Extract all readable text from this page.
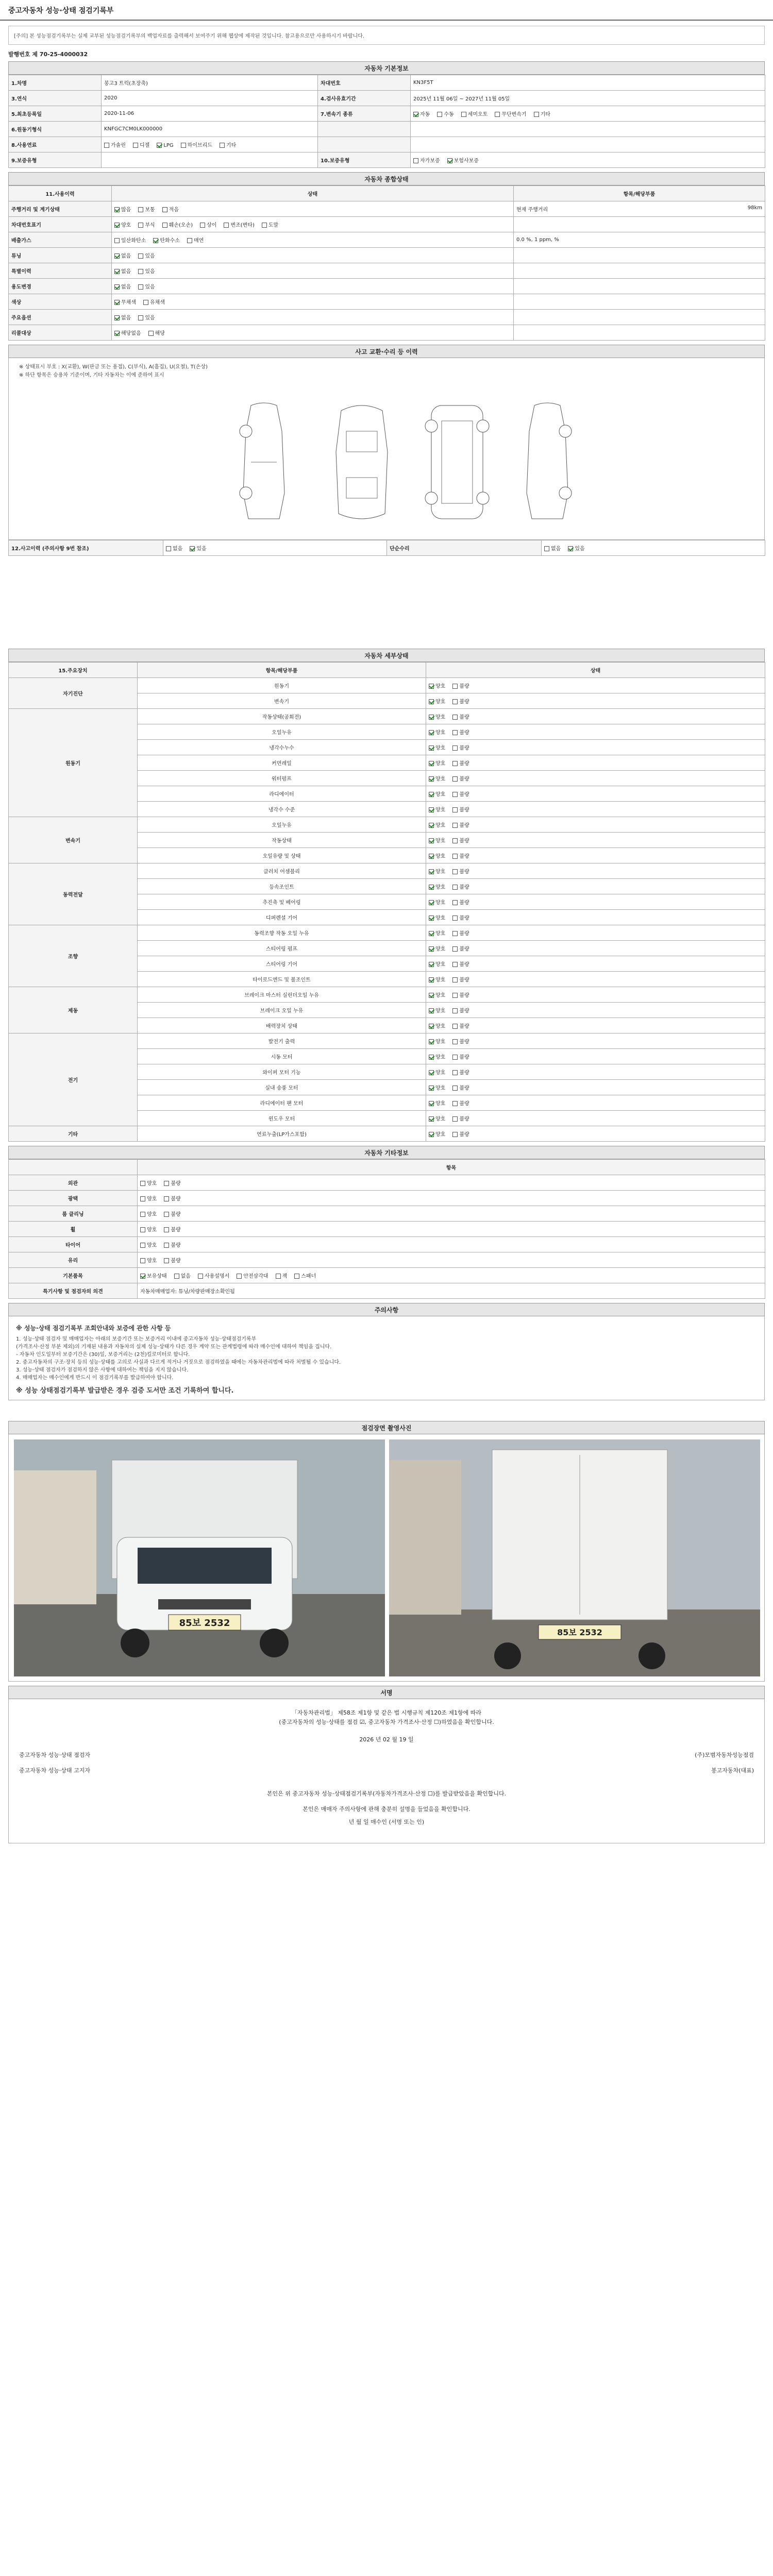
중고자동차 성능·상태 점검기록부
[주의] 본 성능점검기록부는 실제 교부된 성능점검기록부의 백업자료를 출력해서 보여주기 위해 웹상에 제작된 것입니다. 참고용으로만 사용하시기 바랍니다.
발행번호 제 70-25-4000032
자동차 기본정보
1.차명	봉고3 트럭(초장축)	차대번호	KN3F5T
3.연식	2020	4.검사유효기간	2025년 11월 06일 ~ 2027년 11월 05일
5.최초등록일	2020-11-06	7.변속기 종류	자동 수동 세미오토 무단변속기 기타
6.원동기형식	KNFGC7CM0LK000000		
8.사용연료	가솔린 디젤 LPG 하이브리드 기타		
9.보증유형		10.보증유형	자가보증 보험사보증
자동차 종합상태
11.사용이력	상태	항목/해당부품
주행거리 및 계기상태	많음 보통 적음	현재 주행거리 98km

차대번호표기	양호 부식 훼손(오손) 상이 변조(변타) 도말	

배출가스	일산화탄소 탄화수소 매연	0.0 %, 1 ppm, %

튜닝	없음 있음	

특별이력	없음 있음	

용도변경	없음 있음	

색상	무채색 유채색	

주요옵션	없음 있음	

리콜대상	해당없음 해당	
사고 교환·수리 등 이력
※ 상태표시 부호 : X(교환), W(판금 또는 용접), C(부식), A(흠집), U(요철), T(손상)
※ 하단 항목은 승용차 기준이며, 기타 자동차는 이에 준하여 표시
12.사고이력 (주의사항 9번 참조)	없음	있음	단순수리	없음	있음
자동차 세부상태
15.주요장치	항목/해당부품	상태
자기진단	원동기	양호 불량
	변속기	양호 불량
원동기	작동상태(공회전)	양호 불량
	오일누유	양호 불량
	냉각수누수	양호 불량
	커먼레일	양호 불량
	워터펌프	양호 불량
	라디에이터	양호 불량
	냉각수 수준	양호 불량
변속기	오일누유	양호 불량
	작동상태	양호 불량
	오일유량 및 상태	양호 불량
동력전달	클러치 어셈블리	양호 불량
	등속조인트	양호 불량
	추진축 및 베어링	양호 불량
	디퍼렌셜 기어	양호 불량
조향	동력조향 작동 오일 누유	양호 불량
	스티어링 펌프	양호 불량
	스티어링 기어	양호 불량
	타이로드엔드 및 볼조인트	양호 불량
제동	브레이크 마스터 실린더오일 누유	양호 불량
	브레이크 오일 누유	양호 불량
	배력장치 상태	양호 불량
전기	발전기 출력	양호 불량
	시동 모터	양호 불량
	와이퍼 모터 기능	양호 불량
	실내 송풍 모터	양호 불량
	라디에이터 팬 모터	양호 불량
	윈도우 모터	양호 불량
기타	연료누출(LP가스포함)	양호 불량
자동차 기타정보
	항목
외관	양호 불량
광택	양호 불량
룸 클리닝	양호 불량
휠	양호 불량
타이어	양호 불량
유리	양호 불량
기본품목	보유상태 없음 사용설명서 안전삼각대 잭 스패너
특기사항 및 점검자의 의견	자동차매매업자: 튜닝/차량판매장소확인됨
주의사항
※ 성능·상태 점검기록부 조회안내와 보증에 관한 사항 등
1. 성능·상태 점검자 및 매매업자는 아래의 보증기간 또는 보증거리 이내에 중고자동차 성능·상태점검기록부
(가격조사·산정 부분 제외)의 기재된 내용과 자동차의 실제 성능·상태가 다른 경우 계약 또는 관계법령에 따라 매수인에 대하여 책임을 집니다.
- 자동차 인도일부터 보증기간은 (30)일, 보증거리는 (2천)킬로미터로 합니다.
2. 중고자동차의 구조·장치 등의 성능·상태를 고의로 사실과 다르게 적거나 거짓으로 점검하였을 때에는 자동차관리법에 따라 처벌될 수 있습니다.
3. 성능·상태 점검자가 점검하지 않은 사항에 대하여는 책임을 지지 않습니다.
4. 매매업자는 매수인에게 반드시 이 점검기록부를 발급하여야 합니다.
※ 성능 상태점검기록부 발급받은 경우 검증 도서만 조건 기록하여 합니다.
점검장면 촬영사진
85보 2532
85보 2532
서명
「자동차관리법」 제58조 제1항 및 같은 법 시행규칙 제120조 제1항에 따라
(중고자동차의 성능·상태를 점검 ☑, 중고자동차 가격조사·산정 ☐)하였음을 확인합니다.
2026 년 02 월 19 일
중고자동차 성능·상태 점검자	(주)모범자동차성능점검
중고자동차 성능·상태 고지자	봉고자동차(대표)
본인은 위 중고자동차 성능·상태점검기록부(자동차가격조사·산정 ☐)를 발급받았음을 확인합니다.
본인은 매매자 주의사항에 관해 충분히 설명을 들었음을 확인합니다.
년 월 일 매수인 (서명 또는 인)
